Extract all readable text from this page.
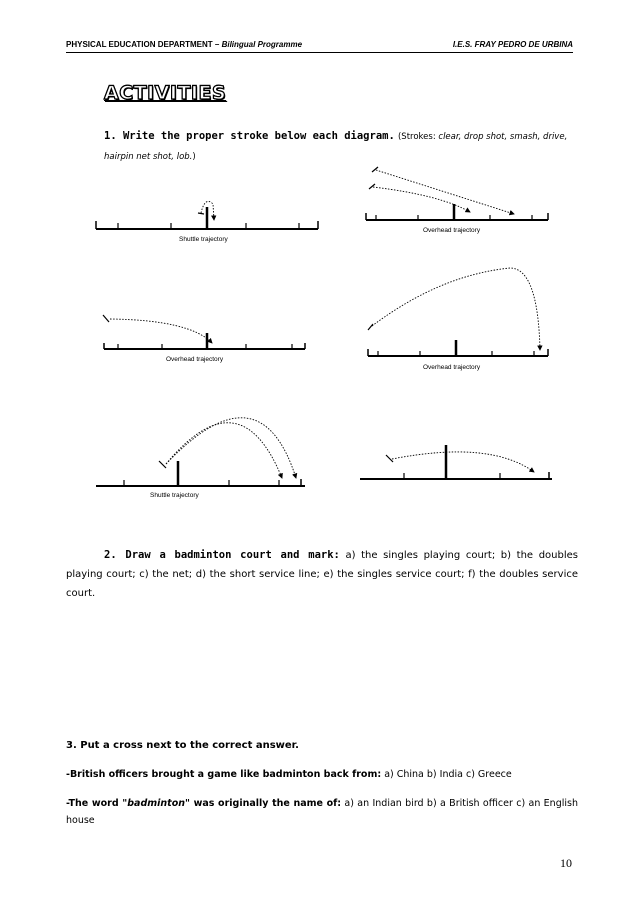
PHYSICAL EDUCATION DEPARTMENT – Bilingual Programme	I.E.S. FRAY PEDRO DE URBINA
ACTIVITIES
1. Write the proper stroke below each diagram. (Strokes: clear, drop shot, smash, drive, hairpin net shot, lob.)
Shuttle trajectory
Overhead trajectory
Overhead trajectory
Overhead trajectory
Shuttle trajectory
2. Draw a badminton court and mark: a) the singles playing court; b) the doubles playing court; c) the net; d) the short service line; e) the singles service court; f) the doubles service court.
3. Put a cross next to the correct answer.
-British officers brought a game like badminton back from: a) China b) India c) Greece
-The word "badminton" was originally the name of: a) an Indian bird b) a British officer c) an English house
10
